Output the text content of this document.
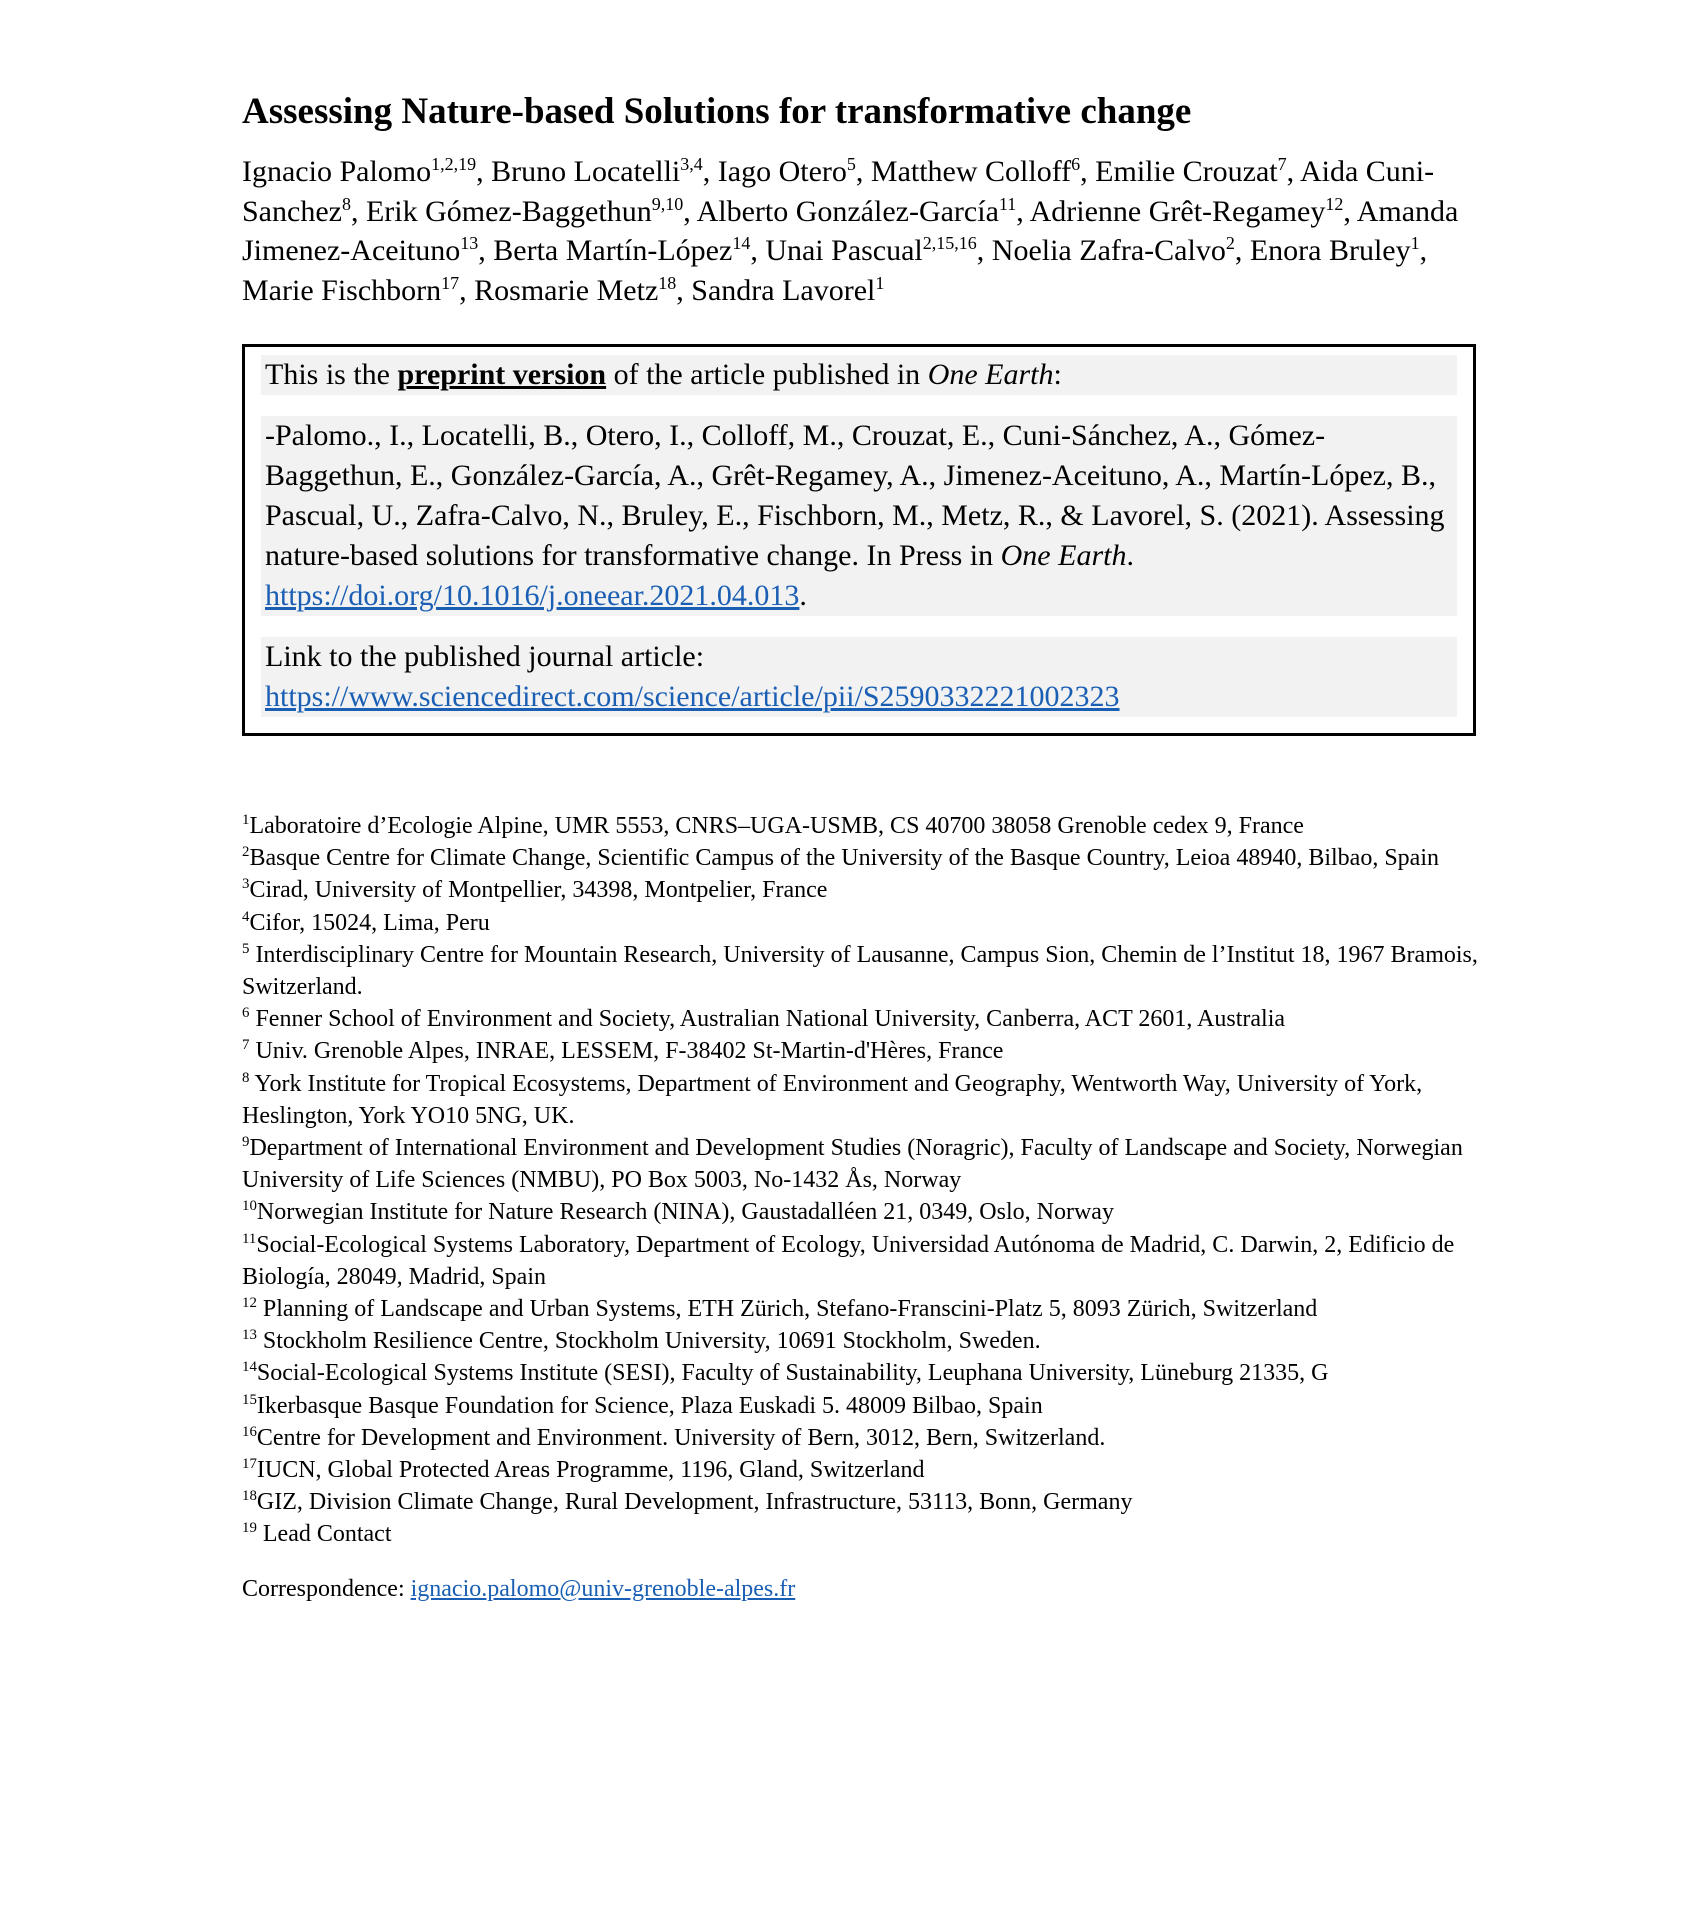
Assessing Nature-based Solutions for transformative change

Ignacio Palomo$^{1,2,19}$, Bruno Locatelli$^{3,4}$, Iago Otero$^5$, Matthew Colloff$^6$, Emilie Crouzat$^7$, Aida Cuni-Sanchez$^8$, Erik Gómez-Baggethun$^{9,10}$, Alberto González-García$^{11}$, Adrienne Grêt-Regamey$^{12}$, Amanda Jimenez-Aceituno$^{13}$, Berta Martín-López$^{14}$, Unai Pascual$^{2,15,16}$, Noelia Zafra-Calvo$^2$, Enora Bruley$^1$, Marie Fischborn$^{17}$, Rosmarie Metz$^{18}$, Sandra Lavorel$^1$

This is the preprint version of the article published in One Earth:
-Palomo., I., Locatelli, B., Otero, I., Colloff, M., Crouzat, E., Cuni-Sánchez, A., Gómez-Baggethun, E., González-García, A., Grêt-Regamey, A., Jimenez-Aceituno, A., Martín-López, B., Pascual, U., Zafra-Calvo, N., Bruley, E., Fischborn, M., Metz, R., & Lavorel, S. (2021). Assessing nature-based solutions for transformative change. In Press in One Earth.
https://doi.org/10.1016/j.oneear.2021.04.013.
Link to the published journal article:
https://www.sciencedirect.com/science/article/pii/S2590332221002323

$^1$Laboratoire d’Ecologie Alpine, UMR 5553, CNRS–UGA-USMB, CS 40700 38058 Grenoble cedex 9, France

$^2$Basque Centre for Climate Change, Scientific Campus of the University of the Basque Country, Leioa 48940, Bilbao, Spain

$^3$Cirad, University of Montpellier, 34398, Montpelier, France

$^4$Cifor, 15024, Lima, Peru

$^5$ Interdisciplinary Centre for Mountain Research, University of Lausanne, Campus Sion, Chemin de l’Institut 18, 1967 Bramois, Switzerland.

$^6$ Fenner School of Environment and Society, Australian National University, Canberra, ACT 2601, Australia

$^7$ Univ. Grenoble Alpes, INRAE, LESSEM, F-38402 St-Martin-d'Hères, France

$^8$ York Institute for Tropical Ecosystems, Department of Environment and Geography, Wentworth Way, University of York, Heslington, York YO10 5NG, UK.

$^9$Department of International Environment and Development Studies (Noragric), Faculty of Landscape and Society, Norwegian University of Life Sciences (NMBU), PO Box 5003, No-1432 Ås, Norway

$^{10}$Norwegian Institute for Nature Research (NINA), Gaustadalléen 21, 0349, Oslo, Norway

$^{11}$Social-Ecological Systems Laboratory, Department of Ecology, Universidad Autónoma de Madrid, C. Darwin, 2, Edificio de Biología, 28049, Madrid, Spain

$^{12}$ Planning of Landscape and Urban Systems, ETH Zürich, Stefano-Franscini-Platz 5, 8093 Zürich, Switzerland

$^{13}$ Stockholm Resilience Centre, Stockholm University, 10691 Stockholm, Sweden.

$^{14}$Social-Ecological Systems Institute (SESI), Faculty of Sustainability, Leuphana University, Lüneburg 21335, G

$^{15}$Ikerbasque Basque Foundation for Science, Plaza Euskadi 5. 48009 Bilbao, Spain

$^{16}$Centre for Development and Environment. University of Bern, 3012, Bern, Switzerland.

$^{17}$IUCN, Global Protected Areas Programme, 1196, Gland, Switzerland

$^{18}$GIZ, Division Climate Change, Rural Development, Infrastructure, 53113, Bonn, Germany

$^{19}$ Lead Contact

Correspondence: ignacio.palomo@univ-grenoble-alpes.fr
